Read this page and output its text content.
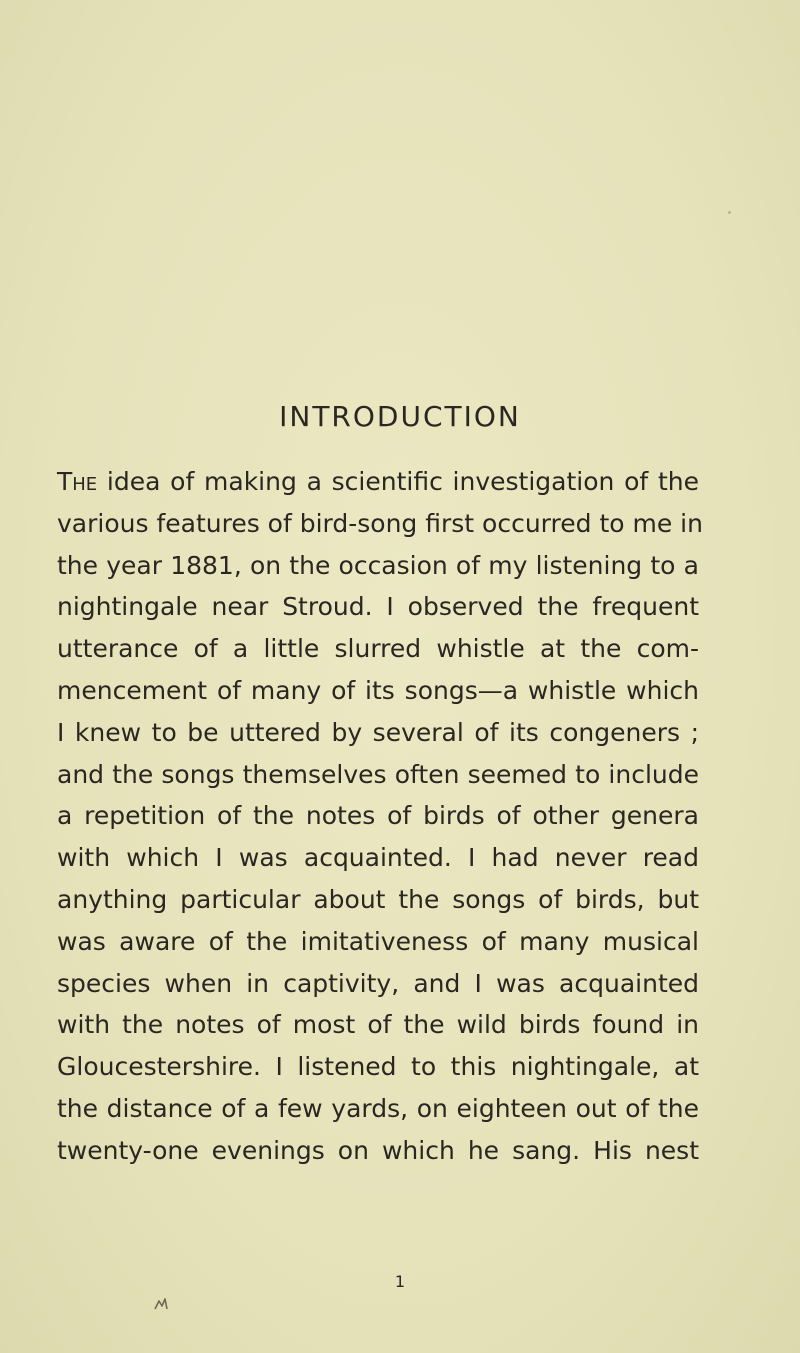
INTRODUCTION
The idea of making a scientific investigation of the
various features of bird-song first occurred to me in
the year 1881, on the occasion of my listening to a
nightingale near Stroud. I observed the frequent
utterance of a little slurred whistle at the com-
mencement of many of its songs—a whistle which
I knew to be uttered by several of its congeners ;
and the songs themselves often seemed to include
a repetition of the notes of birds of other genera
with which I was acquainted. I had never read
anything particular about the songs of birds, but
was aware of the imitativeness of many musical
species when in captivity, and I was acquainted
with the notes of most of the wild birds found in
Gloucestershire. I listened to this nightingale, at
the distance of a few yards, on eighteen out of the
twenty-one evenings on which he sang. His nest
1
